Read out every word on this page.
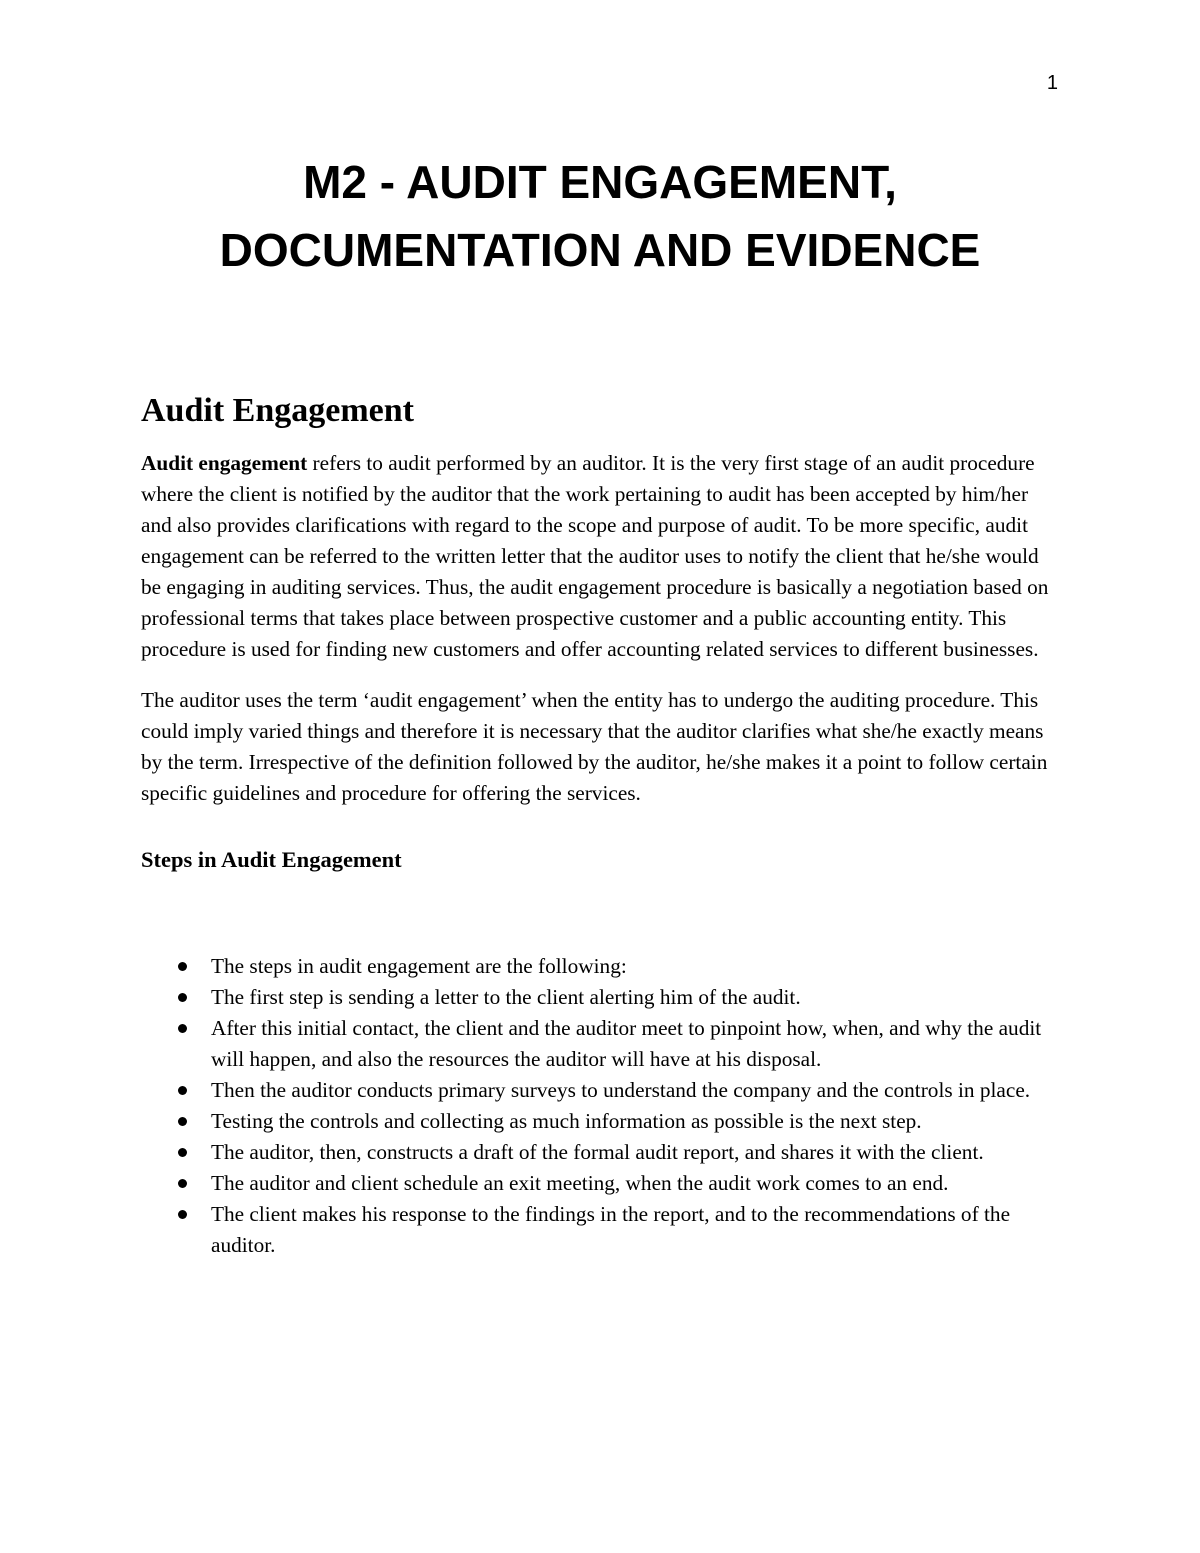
1
M2 - AUDIT ENGAGEMENT,
DOCUMENTATION AND EVIDENCE
Audit Engagement

Audit engagement refers to audit performed by an auditor. It is the very first stage of an audit procedure where the client is notified by the auditor that the work pertaining to audit has been accepted by him/her and also provides clarifications with regard to the scope and purpose of audit. To be more specific, audit engagement can be referred to the written letter that the auditor uses to notify the client that he/she would be engaging in auditing services. Thus, the audit engagement procedure is basically a negotiation based on professional terms that takes place between prospective customer and a public accounting entity. This procedure is used for finding new customers and offer accounting related services to different businesses.

The auditor uses the term ‘audit engagement’ when the entity has to undergo the auditing procedure. This could imply varied things and therefore it is necessary that the auditor clarifies what she/he exactly means by the term. Irrespective of the definition followed by the auditor, he/she makes it a point to follow certain specific guidelines and procedure for offering the services.

Steps in Audit Engagement
The steps in audit engagement are the following:
The first step is sending a letter to the client alerting him of the audit.
After this initial contact, the client and the auditor meet to pinpoint how, when, and why the audit will happen, and also the resources the auditor will have at his disposal.
Then the auditor conducts primary surveys to understand the company and the controls in place.
Testing the controls and collecting as much information as possible is the next step.
The auditor, then, constructs a draft of the formal audit report, and shares it with the client.
The auditor and client schedule an exit meeting, when the audit work comes to an end.
The client makes his response to the findings in the report, and to the recommendations of the auditor.
